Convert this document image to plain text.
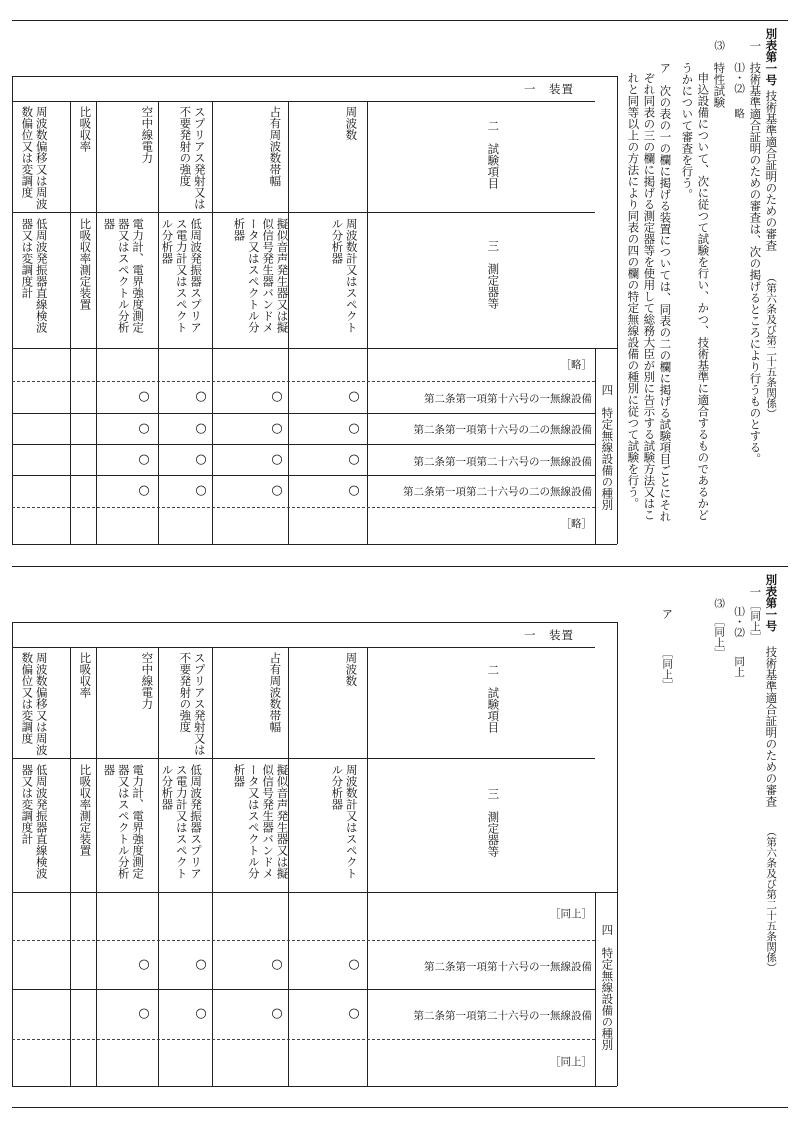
別表第一号
技術基準適合証明のための審査
（第六条及び第二十五条関係）
一
技術基準適合証明のための審査は、次の掲げるところにより行うものとする。
⑴・⑵
略
⑶
特性試験
申込設備について、次に従つて試験を行い、かつ、技術基準に適合するものであるかど
うかについて審査を行う。
ア　次の表の一の欄に掲げる装置については、同表の二の欄に掲げる試験項目ごとにそれ
ぞれ同表の三の欄に掲げる測定器等を使用して総務大臣が別に告示する試験方法又はこ
れと同等以上の方法により同表の四の欄の特定無線設備の種別に従つて試験を行う。
一　装置
二　試験項目
三　測定器等
四　特定無線設備の種別
周波数
占有周波数帯幅
スプリアス発射又は不要発射の強度
空中線電力
比吸収率
周波数偏移又は周波数偏位又は変調度
周波数計又はスペクトル分析器
擬似音声発生器又は擬似信号発生器バンドメータ又はスペクトル分析器
低周波発振器スプリアス電力計又はスペクトル分析器
電力計、電界強度測定器又はスペクトル分析器
比吸収率測定装置
低周波発振器直線検波器又は変調度計
［略］
第二条第一項第十六号の一無線設備
第二条第一項第十六号の二の無線設備
第二条第一項第二十六号の一無線設備
第二条第一項第二十六号の二の無線設備
［略］
○
○
○
○
○
○
○
○
○
○
○
○
○
○
○
○
別表第一号
技術基準適合証明のための審査
（第六条及び第二十五条関係）
一
［同上］
⑴・⑵
同上
⑶
［同上］
ア
［同上］
一　装置
二　試験項目
三　測定器等
四　特定無線設備の種別
周波数
占有周波数帯幅
スプリアス発射又は不要発射の強度
空中線電力
比吸収率
周波数偏移又は周波数偏位又は変調度
周波数計又はスペクトル分析器
擬似音声発生器又は擬似信号発生器バンドメータ又はスペクトル分析器
低周波発振器スプリアス電力計又はスペクトル分析器
電力計、電界強度測定器又はスペクトル分析器
比吸収率測定装置
低周波発振器直線検波器又は変調度計
［同上］
第二条第一項第十六号の一無線設備
第二条第一項第二十六号の一無線設備
［同上］
○
○
○
○
○
○
○
○
